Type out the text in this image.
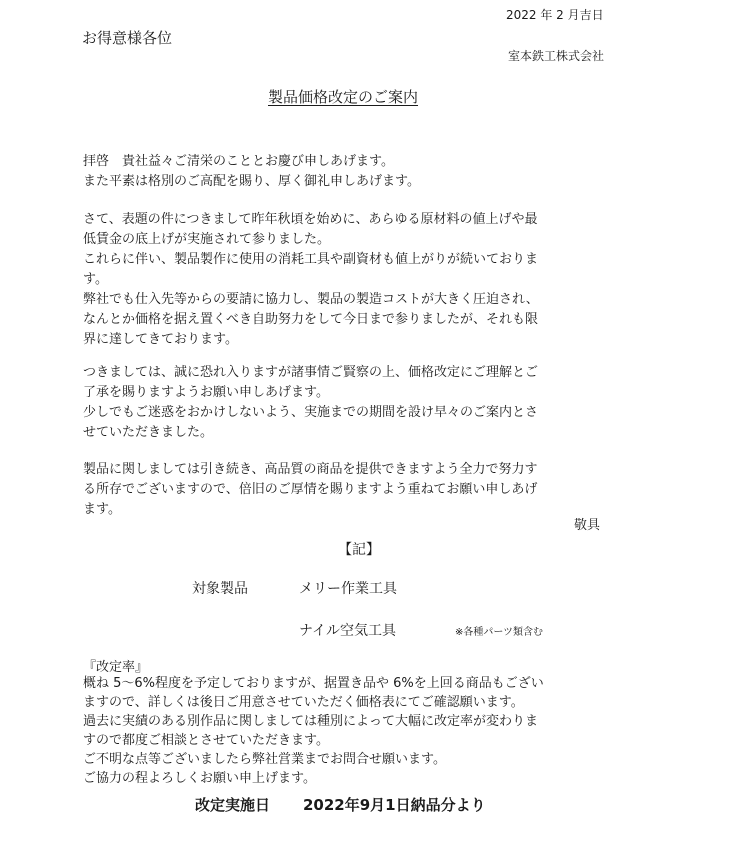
2022 年 2 月吉日
お得意様各位
室本鉄工株式会社
製品価格改定のご案内
拝啓　貴社益々ご清栄のこととお慶び申しあげます。
また平素は格別のご高配を賜り、厚く御礼申しあげます。
さて、表題の件につきまして昨年秋頃を始めに、あらゆる原材料の値上げや最
低賃金の底上げが実施されて参りました。
これらに伴い、製品製作に使用の消耗工具や副資材も値上がりが続いておりま
す。
弊社でも仕入先等からの要請に協力し、製品の製造コストが大きく圧迫され、
なんとか価格を据え置くべき自助努力をして今日まで参りましたが、それも限
界に達してきております。
つきましては、誠に恐れ入りますが諸事情ご賢察の上、価格改定にご理解とご
了承を賜りますようお願い申しあげます。
少しでもご迷惑をおかけしないよう、実施までの期間を設け早々のご案内とさ
せていただきました。
製品に関しましては引き続き、高品質の商品を提供できますよう全力で努力す
る所存でございますので、倍旧のご厚情を賜りますよう重ねてお願い申しあげ
ます。
敬具
【記】
対象製品	メリー作業工具
ナイル空気工具	※各種パーツ類含む
『改定率』
概ね 5～6%程度を予定しておりますが、据置き品や 6%を上回る商品もござい
ますので、詳しくは後日ご用意させていただく価格表にてご確認願います。
過去に実績のある別作品に関しましては種別によって大幅に改定率が変わりま
すので都度ご相談とさせていただきます。
ご不明な点等ございましたら弊社営業までお問合せ願います。
ご協力の程よろしくお願い申上げます。
改定実施日 2022年9月1日納品分より
